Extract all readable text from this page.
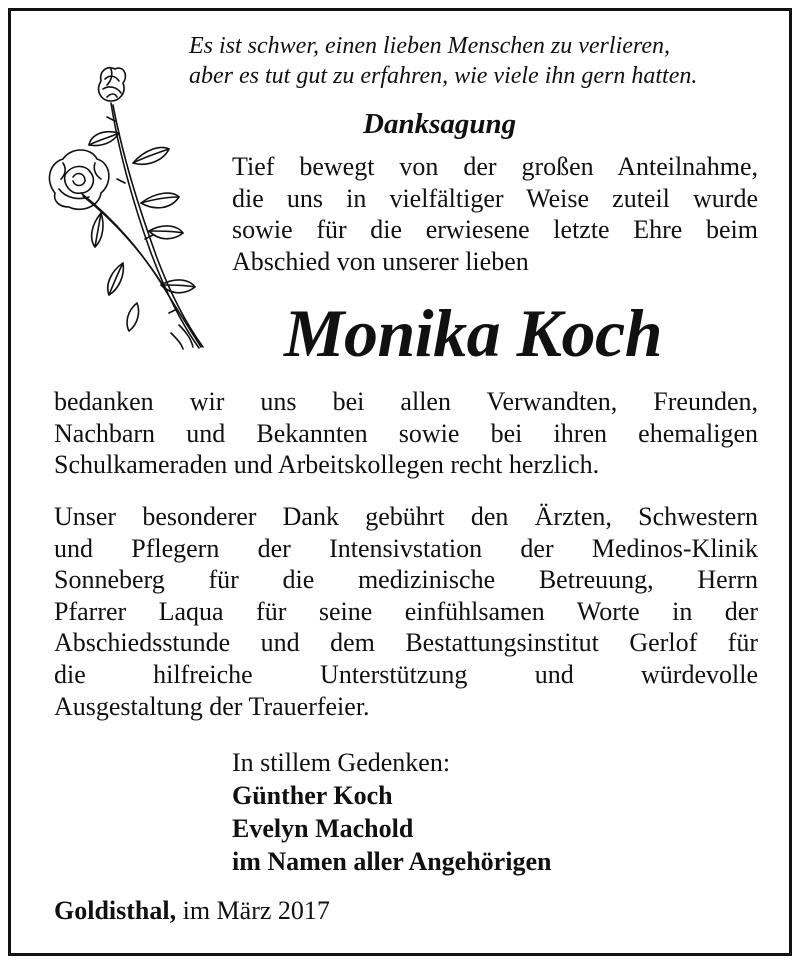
Es ist schwer, einen lieben Menschen zu verlieren,
aber es tut gut zu erfahren, wie viele ihn gern hatten.
Danksagung
Tief bewegt von der großen Anteilnahme,
die uns in vielfältiger Weise zuteil wurde
sowie für die erwiesene letzte Ehre beim
Abschied von unserer lieben
Monika Koch
bedanken wir uns bei allen Verwandten, Freunden,
Nachbarn und Bekannten sowie bei ihren ehemaligen
Schulkameraden und Arbeitskollegen recht herzlich.
Unser besonderer Dank gebührt den Ärzten, Schwestern
und Pflegern der Intensivstation der Medinos-Klinik
Sonneberg für die medizinische Betreuung, Herrn
Pfarrer Laqua für seine einfühlsamen Worte in der
Abschiedsstunde und dem Bestattungsinstitut Gerlof für
die hilfreiche Unterstützung und würdevolle
Ausgestaltung der Trauerfeier.
In stillem Gedenken:
Günther Koch
Evelyn Machold
im Namen aller Angehörigen
Goldisthal, im März 2017
